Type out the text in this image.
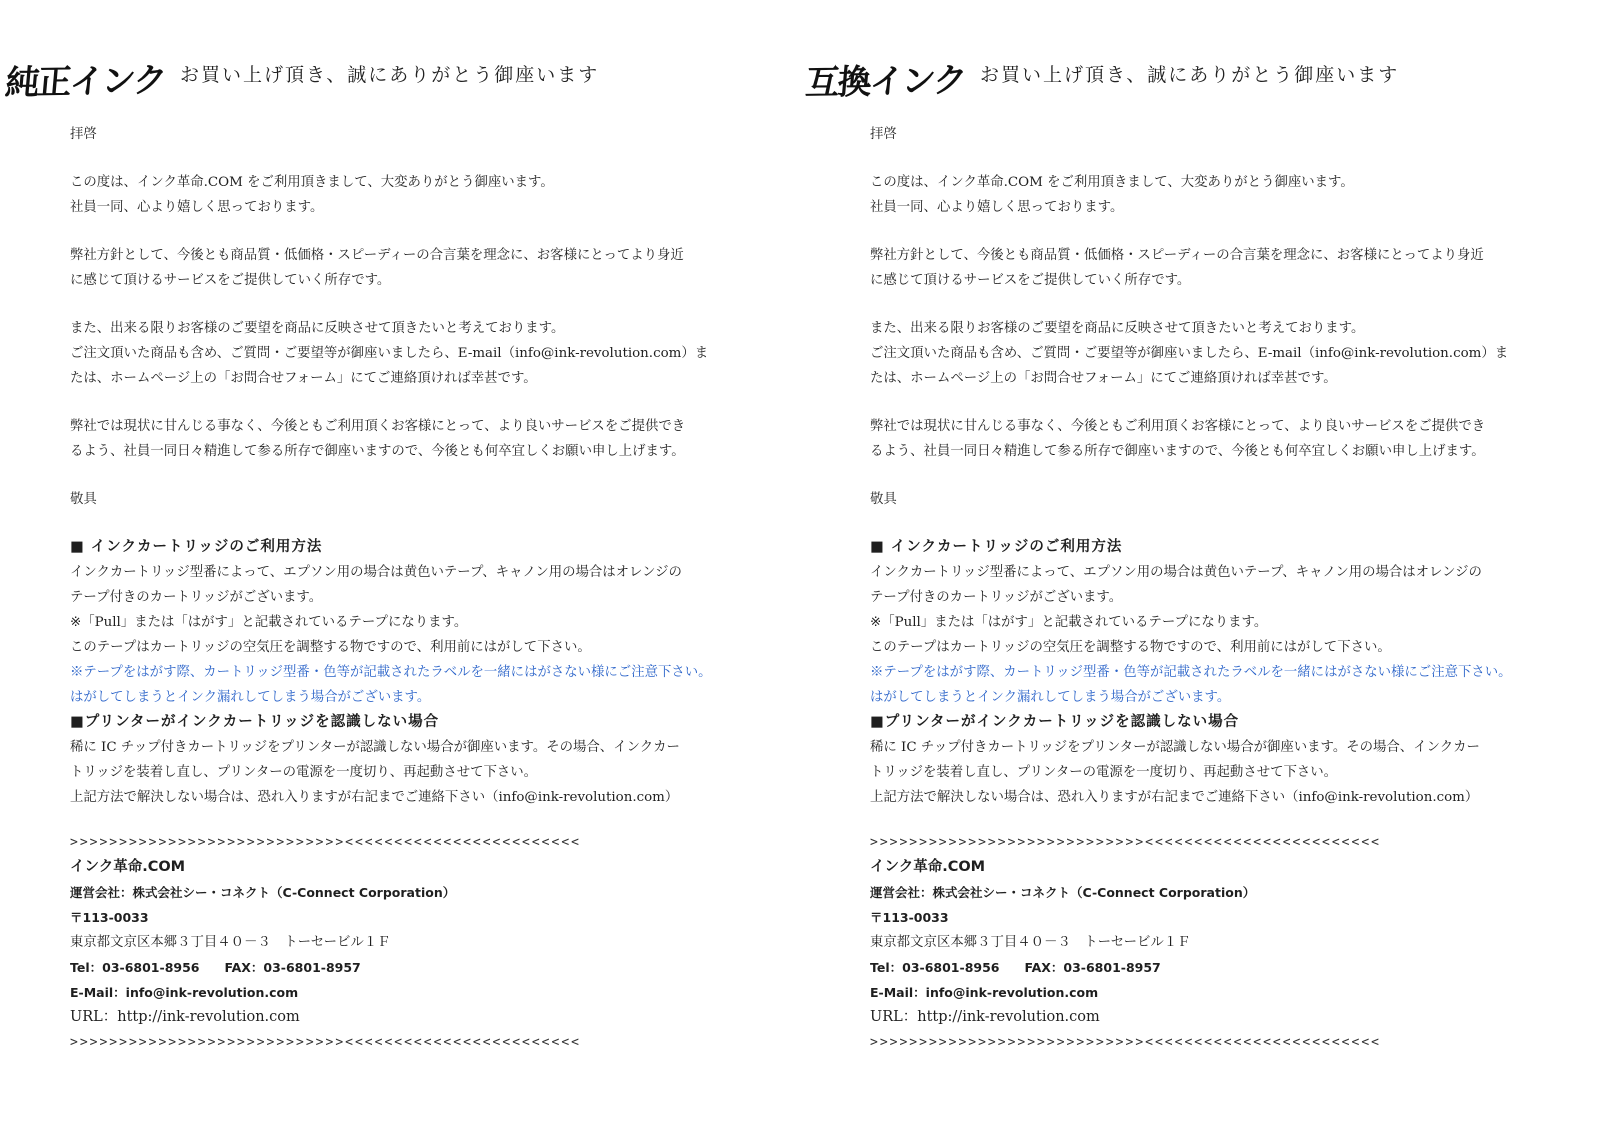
純正インク お買い上げ頂き、誠にありがとう御座います

拝啓

この度は、インク革命.COM をご利用頂きまして、大変ありがとう御座います。

社員一同、心より嬉しく思っております。

弊社方針として、今後とも商品質・低価格・スピーディーの合言葉を理念に、お客様にとってより身近

に感じて頂けるサービスをご提供していく所存です。

また、出来る限りお客様のご要望を商品に反映させて頂きたいと考えております。

ご注文頂いた商品も含め、ご質問・ご要望等が御座いましたら、E-mail（info@ink-revolution.com）ま

たは、ホームページ上の「お問合せフォーム」にてご連絡頂ければ幸甚です。

弊社では現状に甘んじる事なく、今後ともご利用頂くお客様にとって、より良いサービスをご提供でき

るよう、社員一同日々精進して参る所存で御座いますので、今後とも何卒宜しくお願い申し上げます。

敬具

■ インクカートリッジのご利用方法

インクカートリッジ型番によって、エプソン用の場合は黄色いテープ、キャノン用の場合はオレンジの

テープ付きのカートリッジがございます。

※「Pull」または「はがす」と記載されているテープになります。

このテープはカートリッジの空気圧を調整する物ですので、利用前にはがして下さい。

※テープをはがす際、カートリッジ型番・色等が記載されたラベルを一緒にはがさない様にご注意下さい。

はがしてしまうとインク漏れしてしまう場合がございます。

■プリンターがインクカートリッジを認識しない場合

稀に IC チップ付きカートリッジをプリンターが認識しない場合が御座います。その場合、インクカー

トリッジを装着し直し、プリンターの電源を一度切り、再起動させて下さい。

上記方法で解決しない場合は、恐れ入りますが右記までご連絡下さい（info@ink-revolution.com）

>>>>>>>>>>>>>>>>>>>>>>>>>>>><<<<<<<<<<<<<<<<<<<<<<<<

インク革命.COM

運営会社：株式会社シー・コネクト（C-Connect Corporation）

〒113-0033

東京都文京区本郷３丁目４０－３　トーセービル１Ｆ

Tel：03-6801-8956　　FAX：03-6801-8957

E-Mail：info@ink-revolution.com

URL：http://ink-revolution.com

>>>>>>>>>>>>>>>>>>>>>>>>>>>><<<<<<<<<<<<<<<<<<<<<<<<

互換インク お買い上げ頂き、誠にありがとう御座います

拝啓

この度は、インク革命.COM をご利用頂きまして、大変ありがとう御座います。

社員一同、心より嬉しく思っております。

弊社方針として、今後とも商品質・低価格・スピーディーの合言葉を理念に、お客様にとってより身近

に感じて頂けるサービスをご提供していく所存です。

また、出来る限りお客様のご要望を商品に反映させて頂きたいと考えております。

ご注文頂いた商品も含め、ご質問・ご要望等が御座いましたら、E-mail（info@ink-revolution.com）ま

たは、ホームページ上の「お問合せフォーム」にてご連絡頂ければ幸甚です。

弊社では現状に甘んじる事なく、今後ともご利用頂くお客様にとって、より良いサービスをご提供でき

るよう、社員一同日々精進して参る所存で御座いますので、今後とも何卒宜しくお願い申し上げます。

敬具

■ インクカートリッジのご利用方法

インクカートリッジ型番によって、エプソン用の場合は黄色いテープ、キャノン用の場合はオレンジの

テープ付きのカートリッジがございます。

※「Pull」または「はがす」と記載されているテープになります。

このテープはカートリッジの空気圧を調整する物ですので、利用前にはがして下さい。

※テープをはがす際、カートリッジ型番・色等が記載されたラベルを一緒にはがさない様にご注意下さい。

はがしてしまうとインク漏れしてしまう場合がございます。

■プリンターがインクカートリッジを認識しない場合

稀に IC チップ付きカートリッジをプリンターが認識しない場合が御座います。その場合、インクカー

トリッジを装着し直し、プリンターの電源を一度切り、再起動させて下さい。

上記方法で解決しない場合は、恐れ入りますが右記までご連絡下さい（info@ink-revolution.com）

>>>>>>>>>>>>>>>>>>>>>>>>>>>><<<<<<<<<<<<<<<<<<<<<<<<

インク革命.COM

運営会社：株式会社シー・コネクト（C-Connect Corporation）

〒113-0033

東京都文京区本郷３丁目４０－３　トーセービル１Ｆ

Tel：03-6801-8956　　FAX：03-6801-8957

E-Mail：info@ink-revolution.com

URL：http://ink-revolution.com

>>>>>>>>>>>>>>>>>>>>>>>>>>>><<<<<<<<<<<<<<<<<<<<<<<<
